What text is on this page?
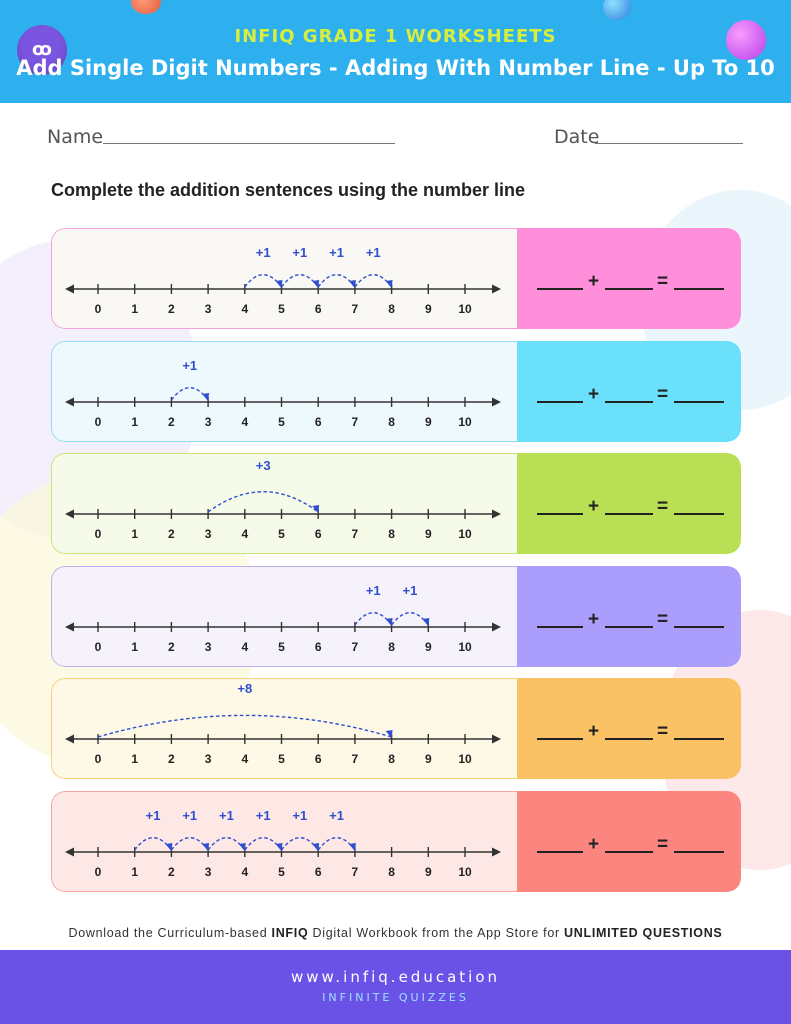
ꝏ
INFIQ GRADE 1 WORKSHEETS
Add Single Digit Numbers - Adding With Number Line - Up To 10
Name	Date
Complete the addition sentences using the number line
0	1	2	3	4	5	6	7	8	9 10
+1 +1 +1 +1
+	=
0	1	2	3	4	5	6	7	8	9 10
+1
+	=
0	1	2	3	4	5	6	7	8	9 10
+3
+	=
0	1	2	3	4	5	6	7	8	9 10
+1 +1
+	=
0	1	2	3	4	5	6	7	8	9 10
+8
+	=
0	1	2	3	4	5	6	7	8	9 10
+1 +1 +1 +1 +1 +1
+	=
Download the Curriculum-based INFIQ Digital Workbook from the App Store for UNLIMITED QUESTIONS
www.infiq.education
INFINITE QUIZZES
